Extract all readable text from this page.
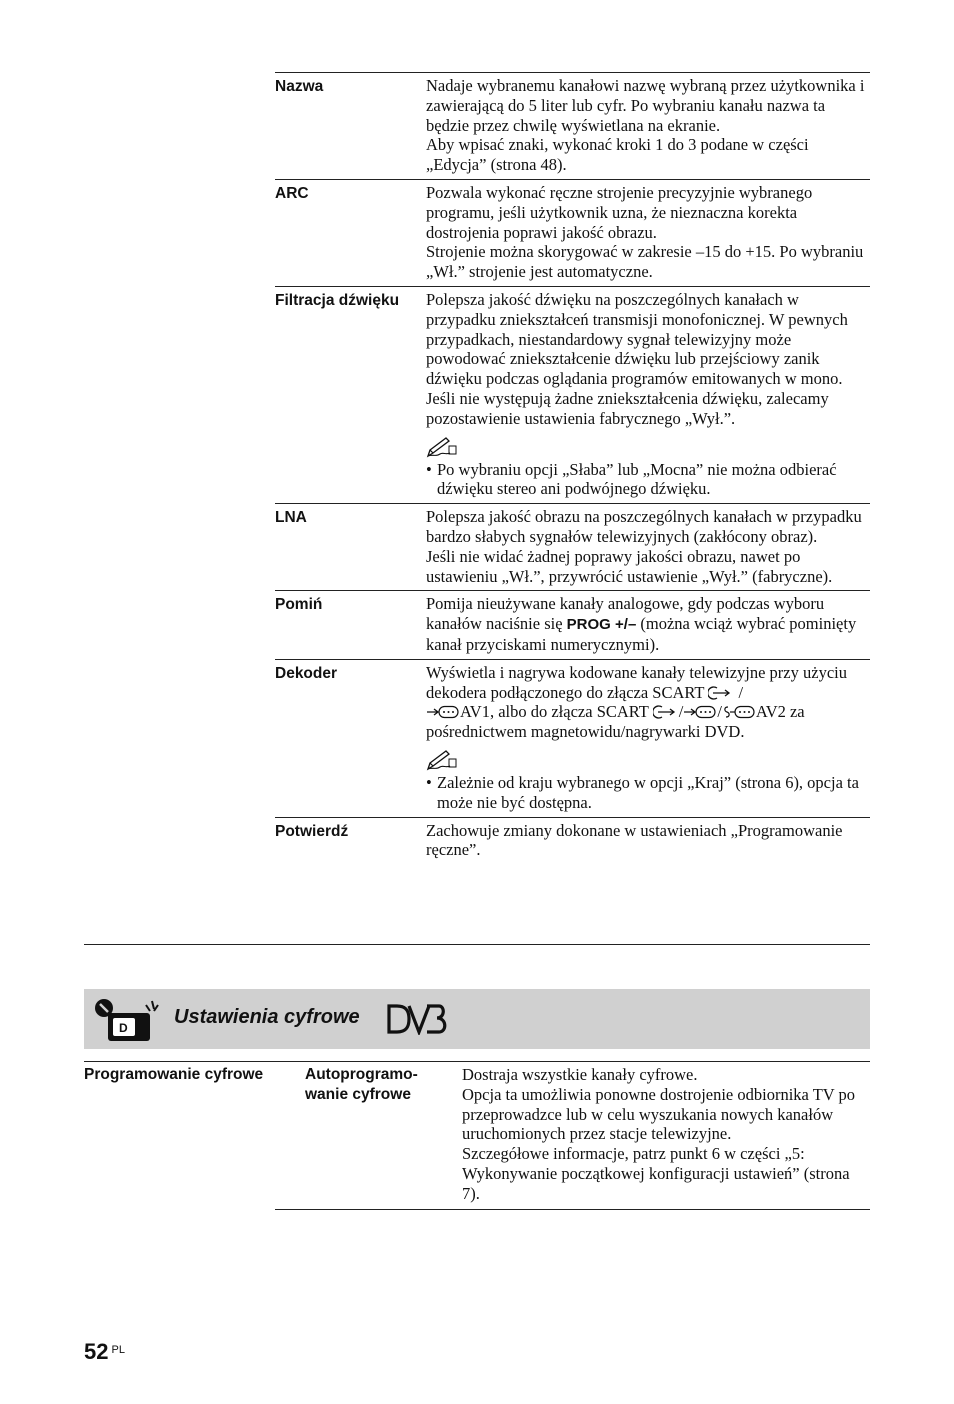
Nazwa	Nadaje wybranemu kanałowi nazwę wybraną przez użytkownika i zawierającą do 5 liter lub cyfr. Po wybraniu kanału nazwa ta będzie przez chwilę wyświetlana na ekranie.

Aby wpisać znaki, wykonać kroki 1 do 3 podane w części „Edycja” (strona 48).

ARC	Pozwala wykonać ręczne strojenie precyzyjnie wybranego programu, jeśli użytkownik uzna, że nieznaczna korekta dostrojenia poprawi jakość obrazu.

Strojenie można skorygować w zakresie –15 do +15. Po wybraniu „Wł.” strojenie jest automatyczne.

Filtracja dźwięku	Polepsza jakość dźwięku na poszczególnych kanałach w przypadku zniekształceń transmisji monofonicznej. W pewnych przypadkach, niestandardowy sygnał telewizyjny może powodować zniekształcenie dźwięku lub przejściowy zanik dźwięku podczas oglądania programów emitowanych w mono.

Jeśli nie występują żadne zniekształcenia dźwięku, zalecamy pozostawienie ustawienia fabrycznego „Wył.”.

• Po wybraniu opcji „Słaba” lub „Mocna” nie można odbierać dźwięku stereo ani podwójnego dźwięku.
LNA	Polepsza jakość obrazu na poszczególnych kanałach w przypadku bardzo słabych sygnałów telewizyjnych (zakłócony obraz).

Jeśli nie widać żadnej poprawy jakości obrazu, nawet po ustawieniu „Wł.”, przywrócić ustawienie „Wył.” (fabryczne).

Pomiń	Pomija nieużywane kanały analogowe, gdy podczas wyboru kanałów naciśnie się PROG +/– (można wciąż wybrać pominięty kanał przyciskami numerycznymi).

Dekoder	Wyświetla i nagrywa kodowane kanały telewizyjne przy użyciu dekodera podłączonego do złącza SCART  /
AV1, albo do złącza SCART / / AV2 za pośrednictwem magnetowidu/nagrywarki DVD.

• Zależnie od kraju wybranego w opcji „Kraj” (strona 6), opcja ta może nie być dostępna.
Potwierdź	Zachowuje zmiany dokonane w ustawieniach „Programowanie ręczne”.

D Ustawienia cyfrowe
Programowanie cyfrowe	Autoprogramo-wanie cyfrowe
Dostraja wszystkie kanały cyfrowe.
Opcja ta umożliwia ponowne dostrojenie odbiornika TV po przeprowadzce lub w celu wyszukania nowych kanałów uruchomionych przez stacje telewizyjne.
Szczegółowe informacje, patrz punkt 6 w części „5: Wykonywanie początkowej konfiguracji ustawień” (strona 7).
52 $^{PL}$
